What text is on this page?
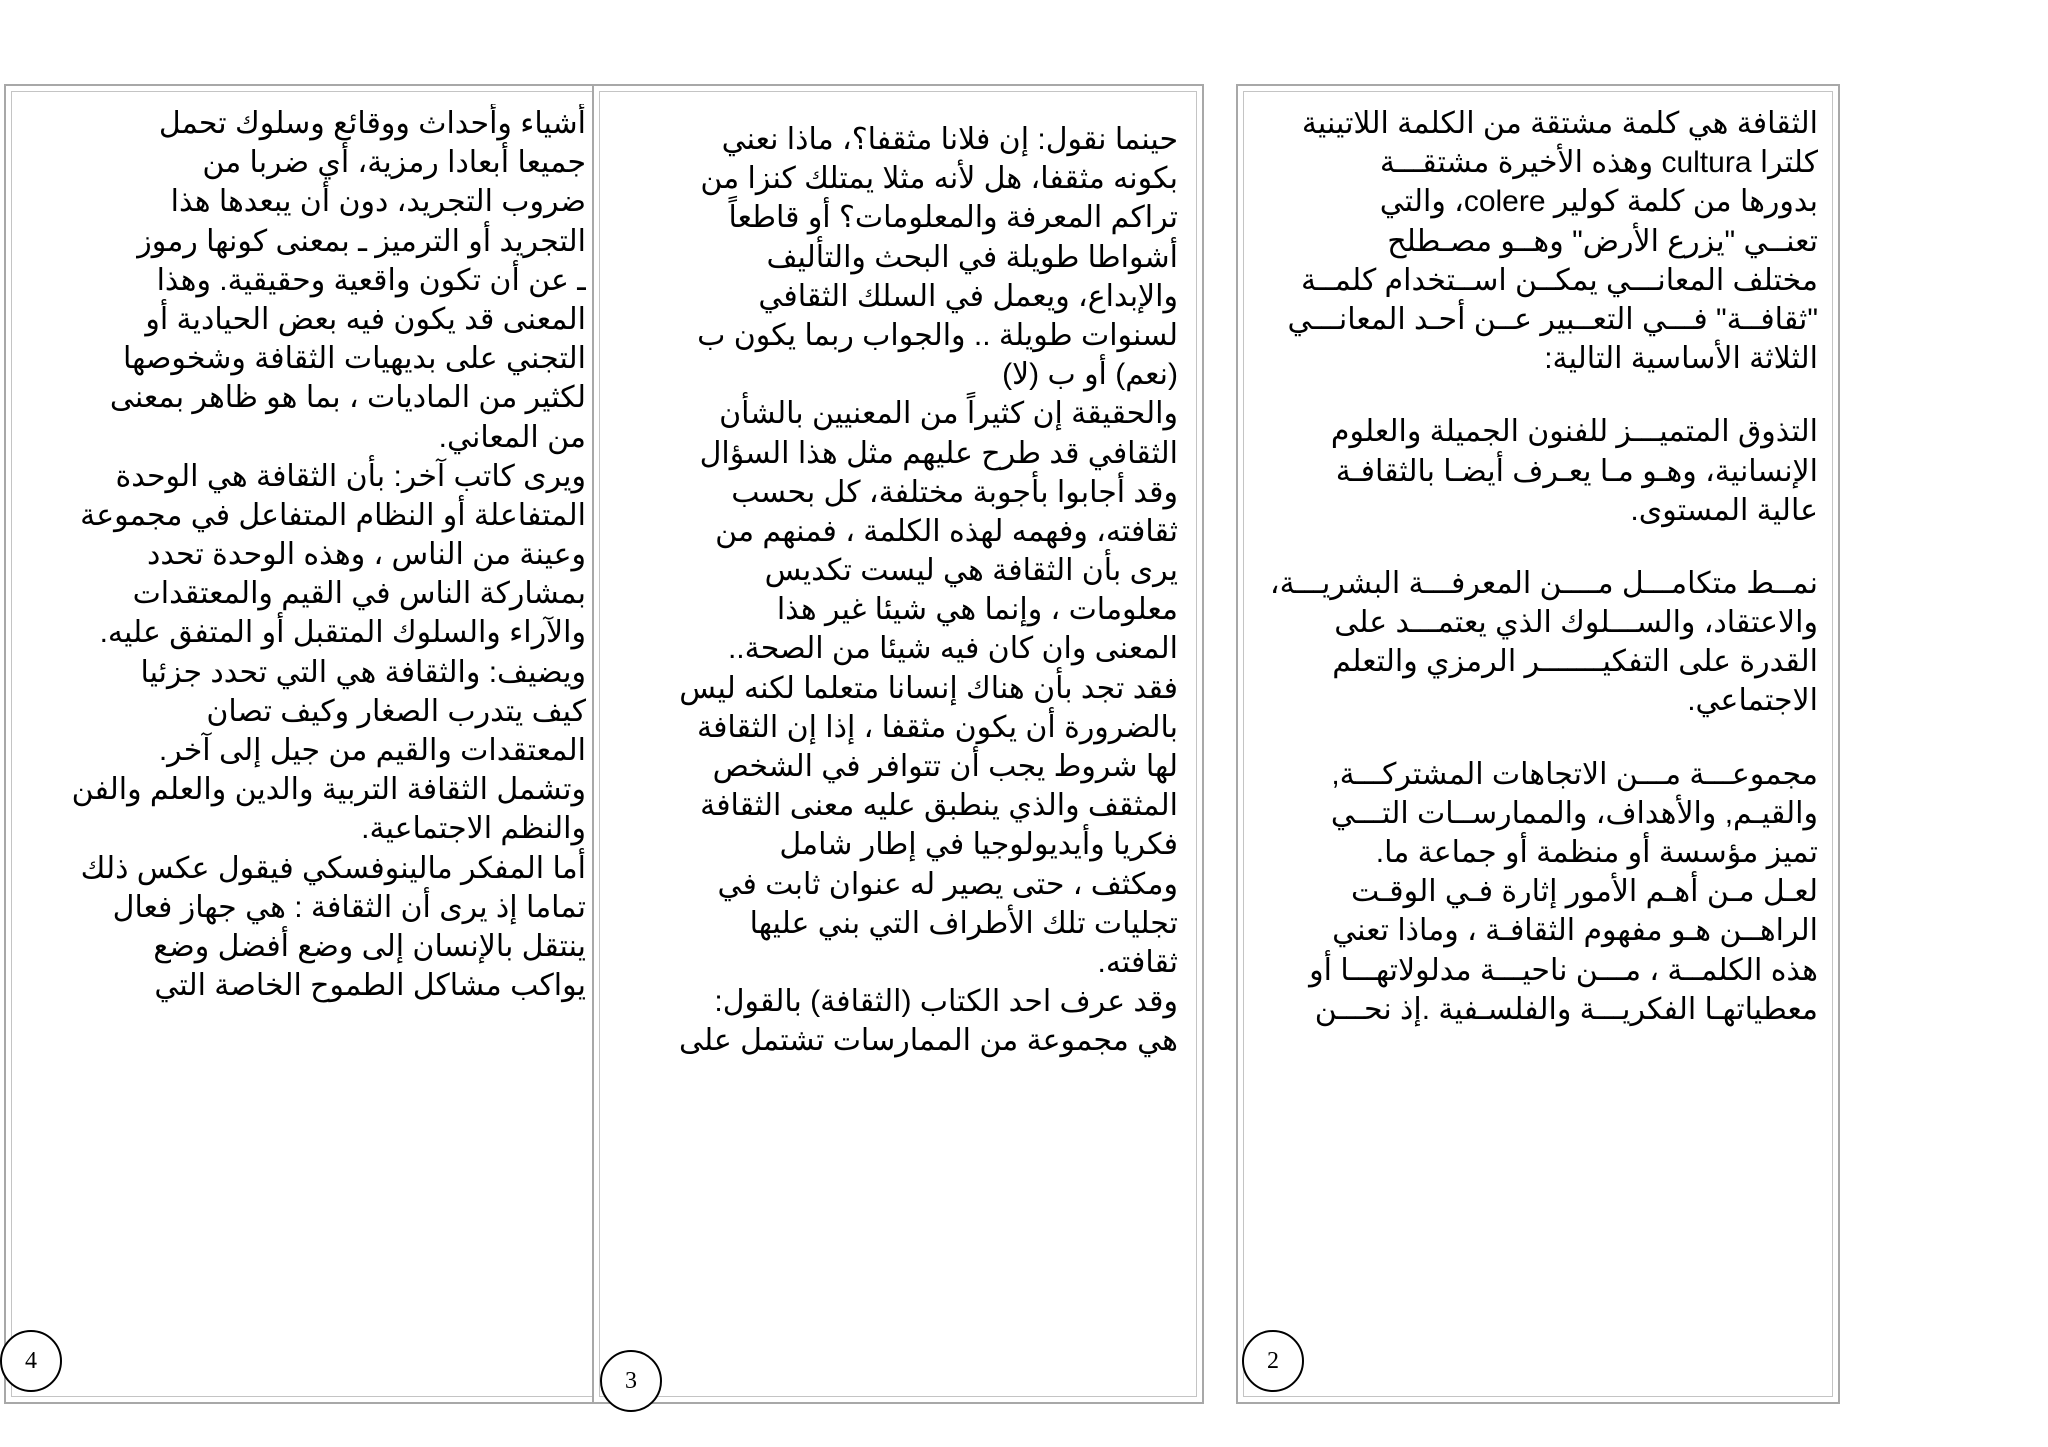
أشياء وأحداث ووقائع وسلوك تحمل
جميعا أبعادا رمزية، أي ضربا من
ضروب التجريد، دون أن يبعدها هذا
التجريد أو الترميز ـ بمعنى كونها رموز
ـ عن أن تكون واقعية وحقيقية. وهذا
المعنى قد يكون فيه بعض الحيادية أو
التجني على بديهيات الثقافة وشخوصها
لكثير من الماديات ، بما هو ظاهر بمعنى
من المعاني.
ويرى كاتب آخر: بأن الثقافة هي الوحدة
المتفاعلة أو النظام المتفاعل في مجموعة
وعينة من الناس ، وهذه الوحدة تحدد
بمشاركة الناس في القيم والمعتقدات
والآراء والسلوك المتقبل أو المتفق عليه.
ويضيف: والثقافة هي التي تحدد جزئيا
كيف يتدرب الصغار وكيف تصان
المعتقدات والقيم من جيل إلى آخر.
وتشمل الثقافة التربية والدين والعلم والفن
والنظم الاجتماعية.
أما المفكر مالينوفسكي فيقول عكس ذلك
تماما إذ يرى أن الثقافة : هي جهاز فعال
ينتقل بالإنسان إلى وضع أفضل وضع
يواكب مشاكل الطموح الخاصة التي
حينما نقول: إن فلانا مثقفا؟، ماذا نعني
بكونه مثقفا، هل لأنه مثلا يمتلك كنزا من
تراكم المعرفة والمعلومات؟ أو قاطعاً
أشواطا طويلة في البحث والتأليف
والإبداع، ويعمل في السلك الثقافي
لسنوات طويلة .. والجواب ربما يكون ب
(نعم) أو ب (لا)
والحقيقة إن كثيراً من المعنيين بالشأن
الثقافي قد طرح عليهم مثل هذا السؤال
وقد أجابوا بأجوبة مختلفة، كل بحسب
ثقافته، وفهمه لهذه الكلمة ، فمنهم من
يرى بأن الثقافة هي ليست تكديس
معلومات ، وإنما هي شيئا غير هذا
المعنى وان كان فيه شيئا من الصحة..
فقد تجد بأن هناك إنسانا متعلما لكنه ليس
بالضرورة أن يكون مثقفا ، إذا إن الثقافة
لها شروط يجب أن تتوافر في الشخص
المثقف والذي ينطبق عليه معنى الثقافة
فكريا وأيديولوجيا في إطار شامل
ومكثف ، حتى يصير له عنوان ثابت في
تجليات تلك الأطراف التي بني عليها
ثقافته.
وقد عرف احد الكتاب (الثقافة) بالقول:
هي مجموعة من الممارسات تشتمل على
الثقافة هي كلمة مشتقة من الكلمة اللاتينية
كلترا cultura وهذه الأخيرة مشتقـــة
بدورها من كلمة كولير colere، والتي
تعنــي "يزرع الأرض" وهــو مصـطلح
مختلف المعانـــي يمكــن اســتخدام كلمــة
"ثقافــة" فـــي التعــبير عــن أحـد المعانـــي
الثلاثة الأساسية التالية:
التذوق المتميـــز للفنون الجميلة والعلوم
الإنسانية، وهـو مـا يعـرف أيضـا بالثقافـة
عالية المستوى.
نمــط متكامـــل مــــن المعرفـــة البشريـــة،
والاعتقاد، والســـلوك الذي يعتمـــد على
القدرة على التفكيـــــــر الرمزي والتعلم
الاجتماعي.
مجموعـــة مـــن الاتجاهات المشتركـــة,
والقيـم, والأهداف، والممارســات التـــي
تميز مؤسسة أو منظمة أو جماعة ما.
لعـل مـن أهـم الأمور إثارة فـي الوقـت
الراهــن هـو مفهوم الثقافـة ، وماذا تعني
هذه الكلمــة ، مـــن ناحيـــة مدلولاتهـــا أو
معطياتهـا الفكريـــة والفلسـفية .إذ نحـــن
4
3
2
